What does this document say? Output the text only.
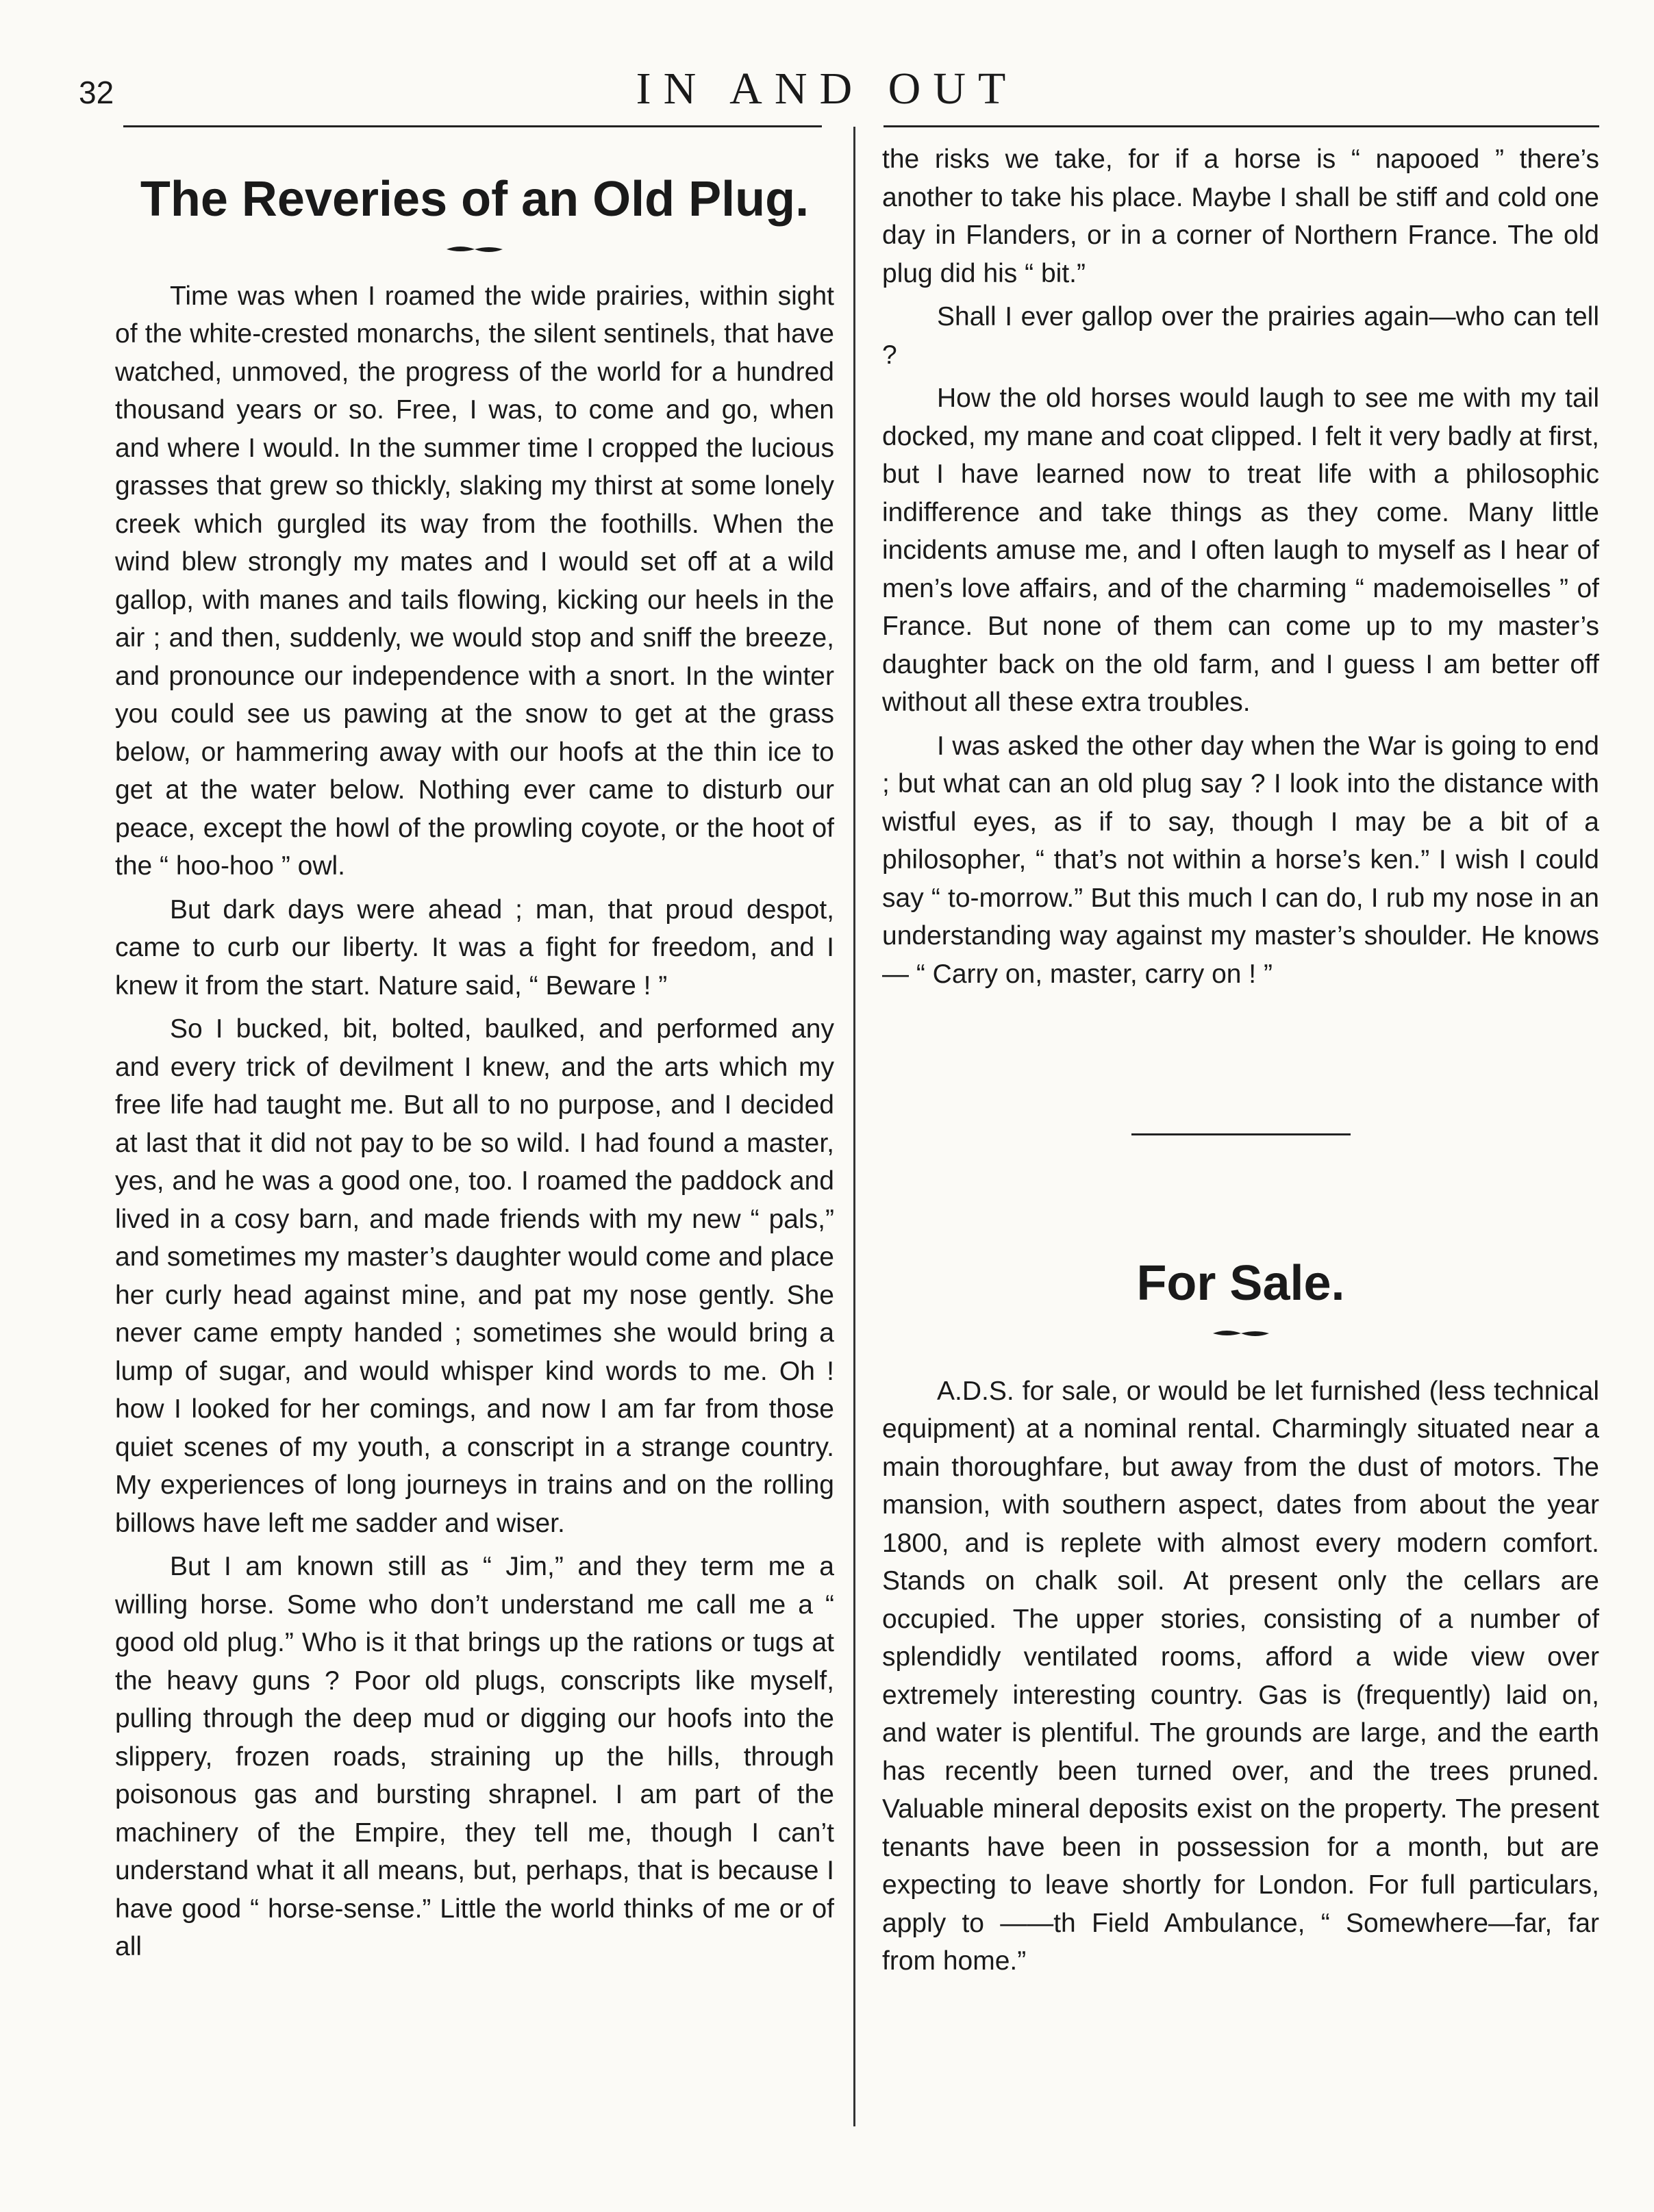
32	IN AND OUT
The Reveries of an Old Plug.

Time was when I roamed the wide prairies, within sight of the white-crested monarchs, the silent sentinels, that have watched, unmoved, the progress of the world for a hundred thousand years or so. Free, I was, to come and go, when and where I would. In the summer time I cropped the lucious grasses that grew so thickly, slaking my thirst at some lonely creek which gurgled its way from the foothills. When the wind blew strongly my mates and I would set off at a wild gallop, with manes and tails flowing, kicking our heels in the air ; and then, suddenly, we would stop and sniff the breeze, and pronounce our independence with a snort. In the winter you could see us pawing at the snow to get at the grass below, or hammering away with our hoofs at the thin ice to get at the water below. Nothing ever came to disturb our peace, except the howl of the prowling coyote, or the hoot of the “ hoo-hoo ” owl.

But dark days were ahead ; man, that proud despot, came to curb our liberty. It was a fight for freedom, and I knew it from the start. Nature said, “ Beware ! ”

So I bucked, bit, bolted, baulked, and performed any and every trick of devilment I knew, and the arts which my free life had taught me. But all to no purpose, and I decided at last that it did not pay to be so wild. I had found a master, yes, and he was a good one, too. I roamed the paddock and lived in a cosy barn, and made friends with my new “ pals,” and sometimes my master’s daughter would come and place her curly head against mine, and pat my nose gently. She never came empty handed ; sometimes she would bring a lump of sugar, and would whisper kind words to me. Oh ! how I looked for her comings, and now I am far from those quiet scenes of my youth, a conscript in a strange country. My experiences of long journeys in trains and on the rolling billows have left me sadder and wiser.

But I am known still as “ Jim,” and they term me a willing horse. Some who don’t understand me call me a “ good old plug.” Who is it that brings up the rations or tugs at the heavy guns ? Poor old plugs, conscripts like myself, pulling through the deep mud or digging our hoofs into the slippery, frozen roads, straining up the hills, through poisonous gas and bursting shrapnel. I am part of the machinery of the Empire, they tell me, though I can’t understand what it all means, but, perhaps, that is because I have good “ horse-sense.” Little the world thinks of me or of all

the risks we take, for if a horse is “ napooed ” there’s another to take his place. Maybe I shall be stiff and cold one day in Flanders, or in a corner of Northern France. The old plug did his “ bit.”

Shall I ever gallop over the prairies again—who can tell ?

How the old horses would laugh to see me with my tail docked, my mane and coat clipped. I felt it very badly at first, but I have learned now to treat life with a philosophic indifference and take things as they come. Many little incidents amuse me, and I often laugh to myself as I hear of men’s love affairs, and of the charming “ mademoiselles ” of France. But none of them can come up to my master’s daughter back on the old farm, and I guess I am better off without all these extra troubles.

I was asked the other day when the War is going to end ; but what can an old plug say ? I look into the distance with wistful eyes, as if to say, though I may be a bit of a philosopher, “ that’s not within a horse’s ken.” I wish I could say “ to-morrow.” But this much I can do, I rub my nose in an understanding way against my master’s shoulder. He knows— “ Carry on, master, carry on ! ”

For Sale.

A.D.S. for sale, or would be let furnished (less technical equipment) at a nominal rental. Charmingly situated near a main thoroughfare, but away from the dust of motors. The mansion, with southern aspect, dates from about the year 1800, and is replete with almost every modern comfort. Stands on chalk soil. At present only the cellars are occupied. The upper stories, consisting of a number of splendidly ventilated rooms, afford a wide view over extremely interesting country. Gas is (frequently) laid on, and water is plentiful. The grounds are large, and the earth has recently been turned over, and the trees pruned. Valuable mineral deposits exist on the property. The present tenants have been in possession for a month, but are expecting to leave shortly for London. For full particulars, apply to ——th Field Ambulance, “ Somewhere—far, far from home.”
